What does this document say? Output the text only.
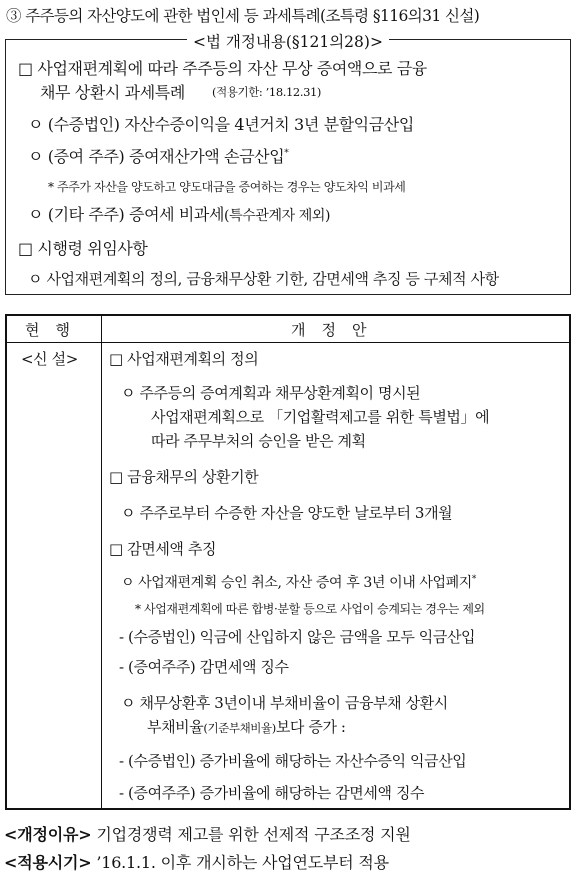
③ 주주등의 자산양도에 관한 법인세 등 과세특례(조특령 §116의31 신설)
<법 개정내용(§121의28)>
□ 사업재편계획에 따라 주주등의 자산 무상 증여액으로 금융
채무 상환시 과세특례 (적용기한: ’18.12.31)
ㅇ (수증법인) 자산수증이익을 4년거치 3년 분할익금산입
ㅇ (증여 주주) 증여재산가액 손금산입*
* 주주가 자산을 양도하고 양도대금을 증여하는 경우는 양도차익 비과세
ㅇ (기타 주주) 증여세 비과세(특수관계자 제외)
□ 시행령 위임사항
ㅇ 사업재편계획의 정의, 금융채무상환 기한, 감면세액 추징 등 구체적 사항
현행	개정안
<신 설> □ 사업재편계획의 정의
ㅇ 주주등의 증여계획과 채무상환계획이 명시된
사업재편계획으로 「기업활력제고를 위한 특별법」에
따라 주무부처의 승인을 받은 계획
□ 금융채무의 상환기한
ㅇ 주주로부터 수증한 자산을 양도한 날로부터 3개월
□ 감면세액 추징
ㅇ 사업재편계획 승인 취소, 자산 증여 후 3년 이내 사업폐지*
* 사업재편계획에 따른 합병·분할 등으로 사업이 승계되는 경우는 제외
- (수증법인) 익금에 산입하지 않은 금액을 모두 익금산입
- (증여주주) 감면세액 징수
ㅇ 채무상환후 3년이내 부채비율이 금융부채 상환시
부채비율(기준부채비율)보다 증가 :
- (수증법인) 증가비율에 해당하는 자산수증익 익금산입
- (증여주주) 증가비율에 해당하는 감면세액 징수
<개정이유> 기업경쟁력 제고를 위한 선제적 구조조정 지원
<적용시기> ’16.1.1. 이후 개시하는 사업연도부터 적용
